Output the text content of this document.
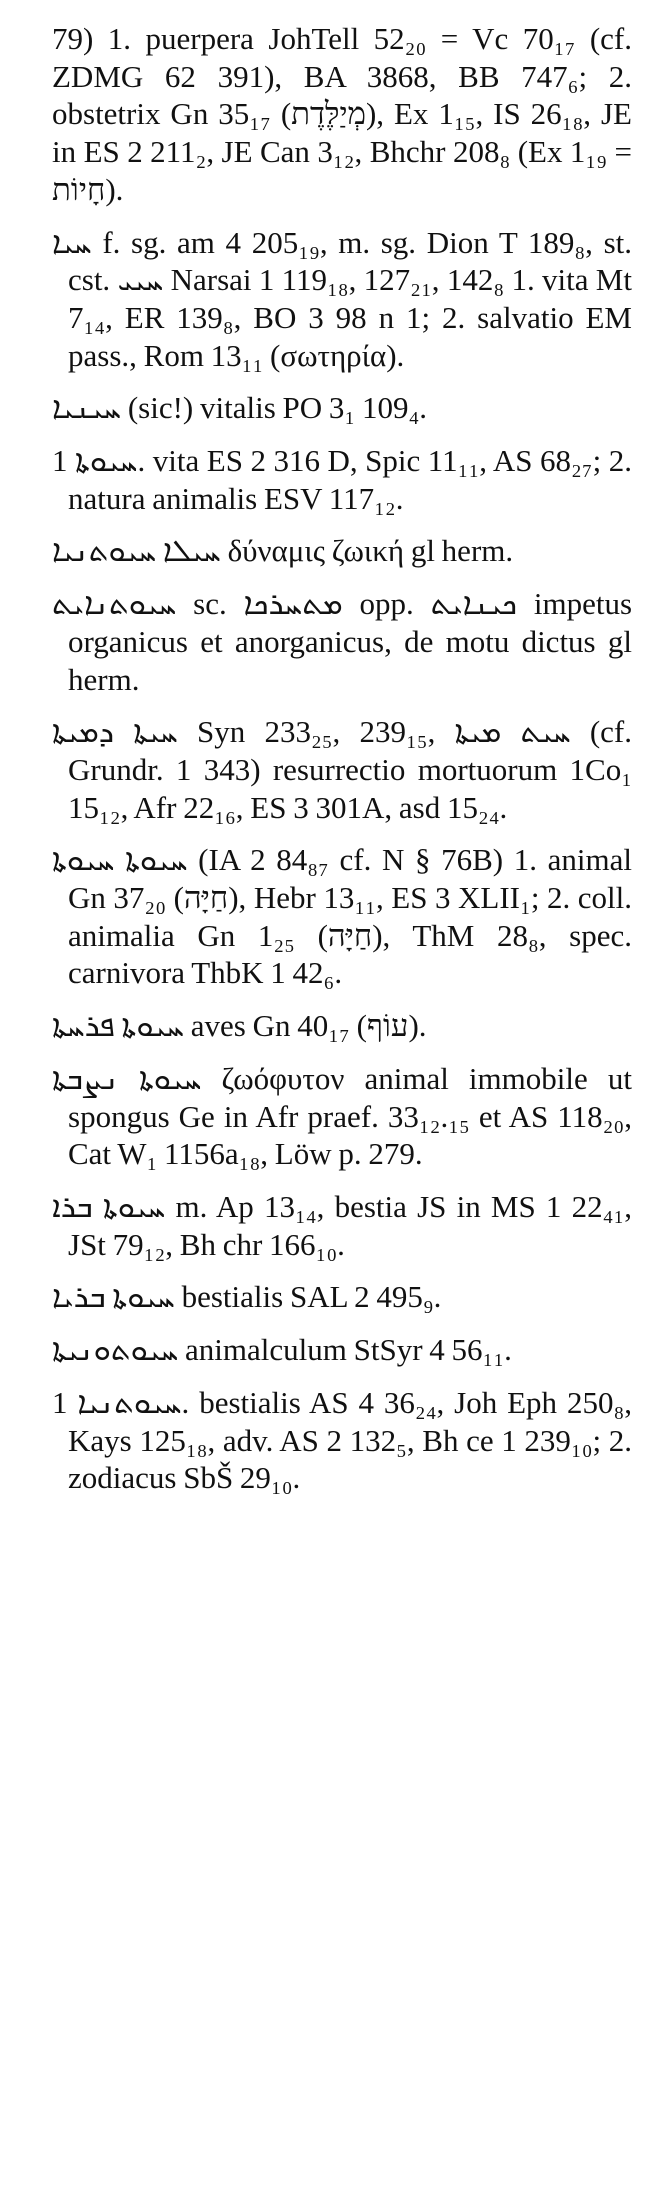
79) 1. puerpera JohTell 52₂₀ = Vc 70₁₇ (cf. ZDMG 62 391), BA 3868, BB 747₆; 2. obstetrix Gn 35₁₇ (מְיַלֶּדֶת), Ex 1₁₅, IS 26₁₈, JE in ES 2 211₂, JE Can 3₁₂, Bhchr 208₈ (Ex 1₁₉ = חָיוֹת).

ܚܝܐ f. sg. am 4 205₁₉, m. sg. Dion T 189₈, st. cst. ܚܝܝ Narsai 1 119₁₈, 127₂₁, 142₈ 1. vita Mt 7₁₄, ER 139₈, BO 3 98 n 1; 2. salvatio EM pass., Rom 13₁₁ (σωτηρία).

ܚܝܢܝܐ (sic!) vitalis PO 3₁ 109₄.

ܚܝܘܬܐ 1. vita ES 2 316 D, Spic 11₁₁, AS 68₂₇; 2. natura animalis ESV 117₁₂.

ܚܝܠܐ ܚܝܘܬܢܝܐ δύναμις ζωική gl herm.

ܚܝܘܬܢܐܝܬ sc. ܡܬܚܪܟܐ opp. ܟܝܢܐܝܬ impetus organicus et anorganicus, de motu dictus gl herm.

ܚܝܬܐ ܕܡܝܬܐ Syn 233₂₅, 239₁₅, ܚܝܬ ܡܝܬܐ (cf. Grundr. 1 343) resurrectio mortuorum 1Co₁ 15₁₂, Afr 22₁₆, ES 3 301A, asd 15₂₄.

ܚܝܘܬܐ ܚܝܘܬܐ (IA 2 84₈₇ cf. N § 76B) 1. animal Gn 37₂₀ (חַיָּה), Hebr 13₁₁, ES 3 XLII₁; 2. coll. animalia Gn 1₂₅ (חַיָּה), ThM 28₈, spec. carnivora ThbK 1 42₆.

ܚܝܘܬܐ ܦܪܚܬܐ aves Gn 40₁₇ (עוֹף).

ܚܝܘܬܐ ܢܨܒܬܐ ζωόφυτον animal immobile ut spongus Ge in Afr praef. 33₁₂.₁₅ et AS 118₂₀, Cat W₁ 1156a₁₈, Löw p. 279.

ܚܝܘܬܐ ܒܪܐ m. Ap 13₁₄, bestia JS in MS 1 22₄₁, JSt 79₁₂, Bh chr 166₁₀.

ܚܝܘܬܐ ܒܪܝܐ bestialis SAL 2 495₉.

ܚܝܘܬܘܢܝܬܐ animalculum StSyr 4 56₁₁.

ܚܝܘܬܢܝܐ 1. bestialis AS 4 36₂₄, Joh Eph 250₈, Kays 125₁₈, adv. AS 2 132₅, Bh ce 1 239₁₀; 2. zodiacus SbŠ 29₁₀.
